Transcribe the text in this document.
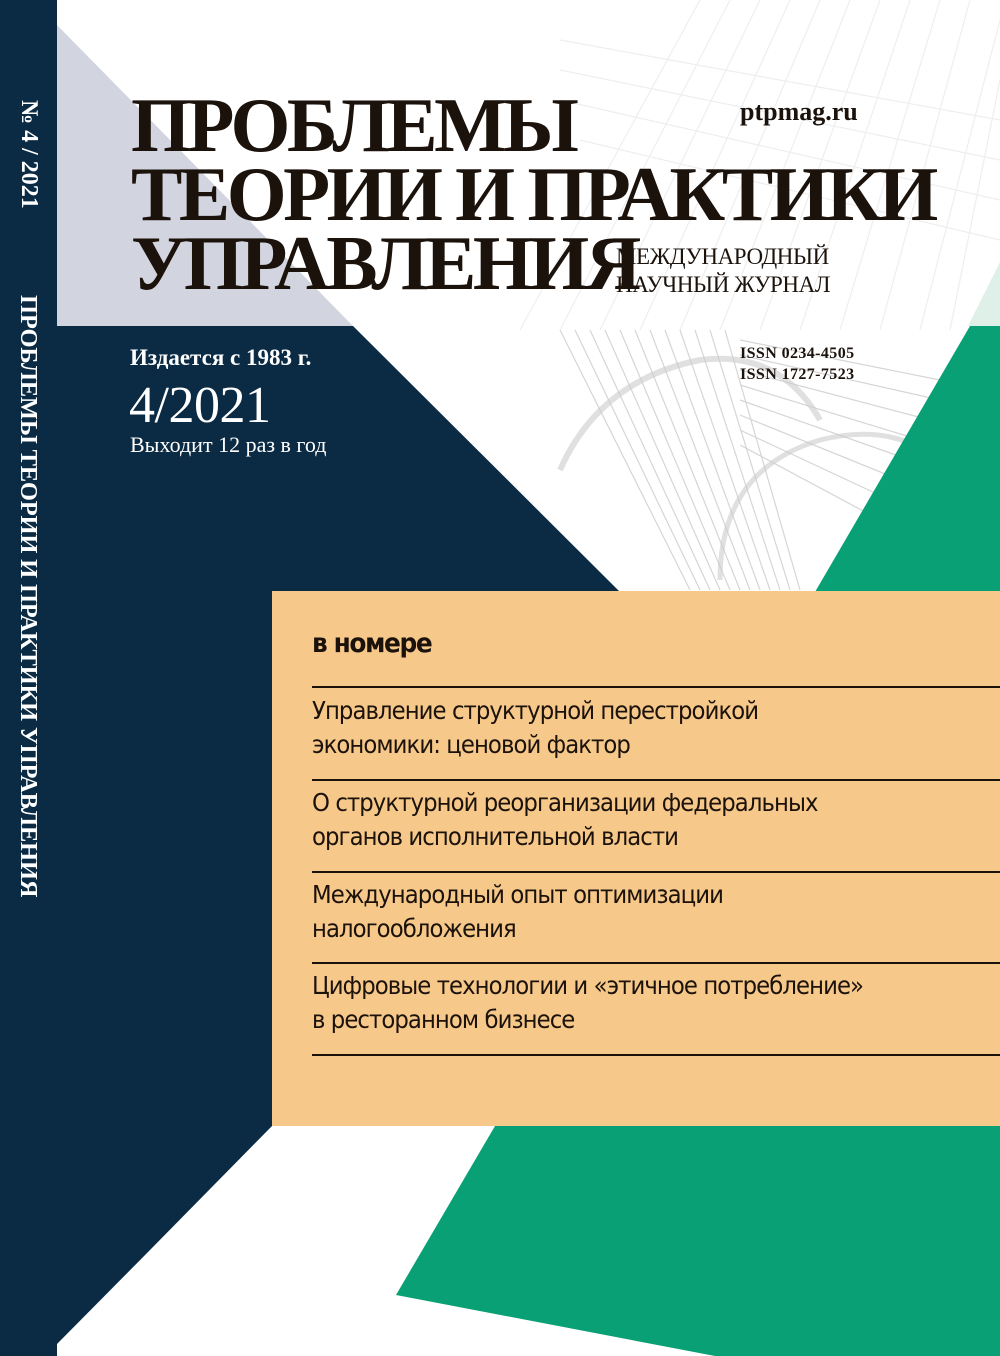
№ 4 / 2021
ПРОБЛЕМЫ ТЕОРИИ И ПРАКТИКИ УПРАВЛЕНИЯ
ПРОБЛЕМЫ
ТЕОРИИ И ПРАКТИКИ
УПРАВЛЕНИЯ
ptpmag.ru
МЕЖДУНАРОДНЫЙ
НАУЧНЫЙ ЖУРНАЛ
ISSN 0234-4505
ISSN 1727-7523
Издается с 1983 г.
4/2021
Выходит 12 раз в год
в номере
Управление структурной перестройкой
экономики: ценовой фактор
О структурной реорганизации федеральных
органов исполнительной власти
Международный опыт оптимизации
налогообложения
Цифровые технологии и «этичное потребление»
в ресторанном бизнесе
